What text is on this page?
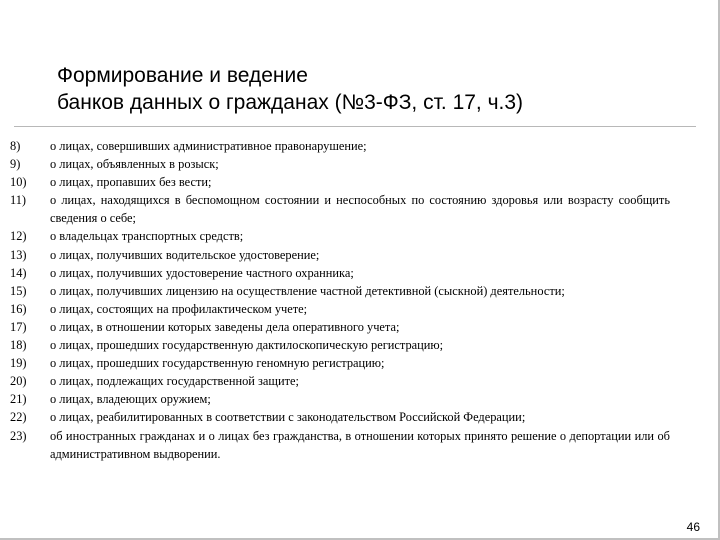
Формирование и ведение
банков данных о гражданах (№3-ФЗ, ст. 17, ч.3)
8)	о лицах, совершивших административное правонарушение;
9)	о лицах, объявленных в розыск;
10)	о лицах, пропавших без вести;
11)	о лицах, находящихся в беспомощном состоянии и неспособных по состоянию здоровья или возрасту сообщить сведения о себе;
12)	о владельцах транспортных средств;
13)	о лицах, получивших водительское удостоверение;
14)	о лицах, получивших удостоверение частного охранника;
15)	о лицах, получивших лицензию на осуществление частной детективной (сыскной) деятельности;
16)	о лицах, состоящих на профилактическом учете;
17)	о лицах, в отношении которых заведены дела оперативного учета;
18)	о лицах, прошедших государственную дактилоскопическую регистрацию;
19)	о лицах, прошедших государственную геномную регистрацию;
20)	о лицах, подлежащих государственной защите;
21)	о лицах, владеющих оружием;
22)	о лицах, реабилитированных в соответствии с законодательством Российской Федерации;
23)	об иностранных гражданах и о лицах без гражданства, в отношении которых принято решение о депортации или об административном выдворении.
46
